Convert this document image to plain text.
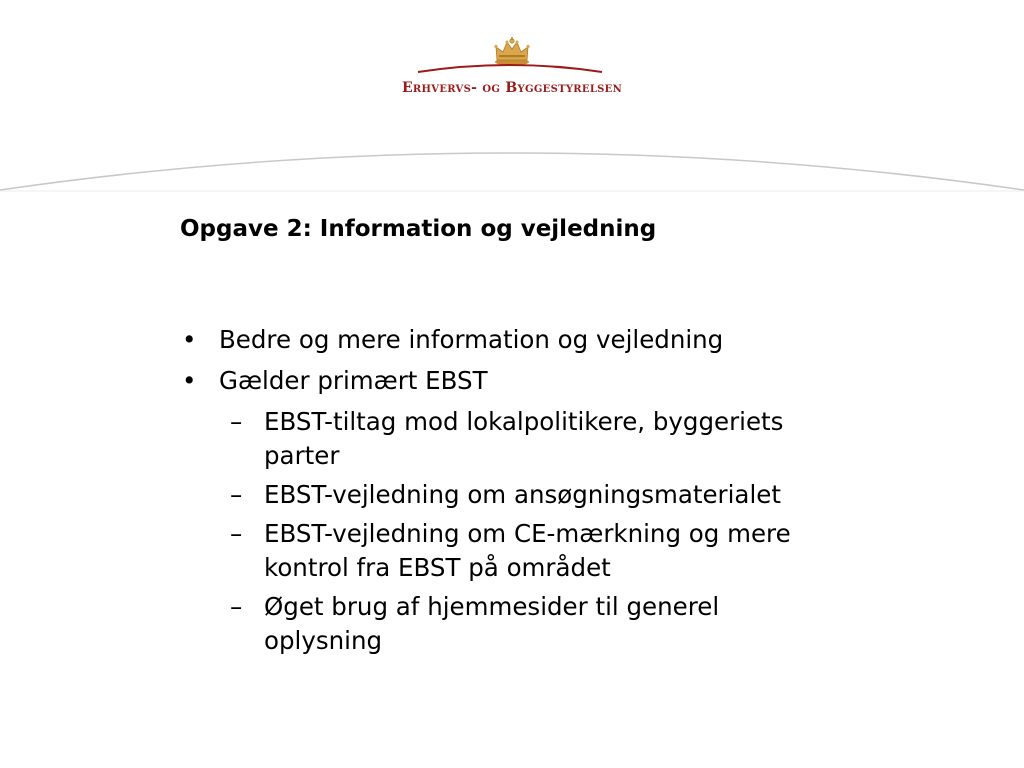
Erhvervs- og Byggestyrelsen

Opgave 2: Information og vejledning
• Bedre og mere information og vejledning
• Gælder primært EBST
– EBST-tiltag mod lokalpolitikere, byggeriets parter
– EBST-vejledning om ansøgningsmaterialet
– EBST-vejledning om CE-mærkning og mere kontrol fra EBST på området
– Øget brug af hjemmesider til generel oplysning
